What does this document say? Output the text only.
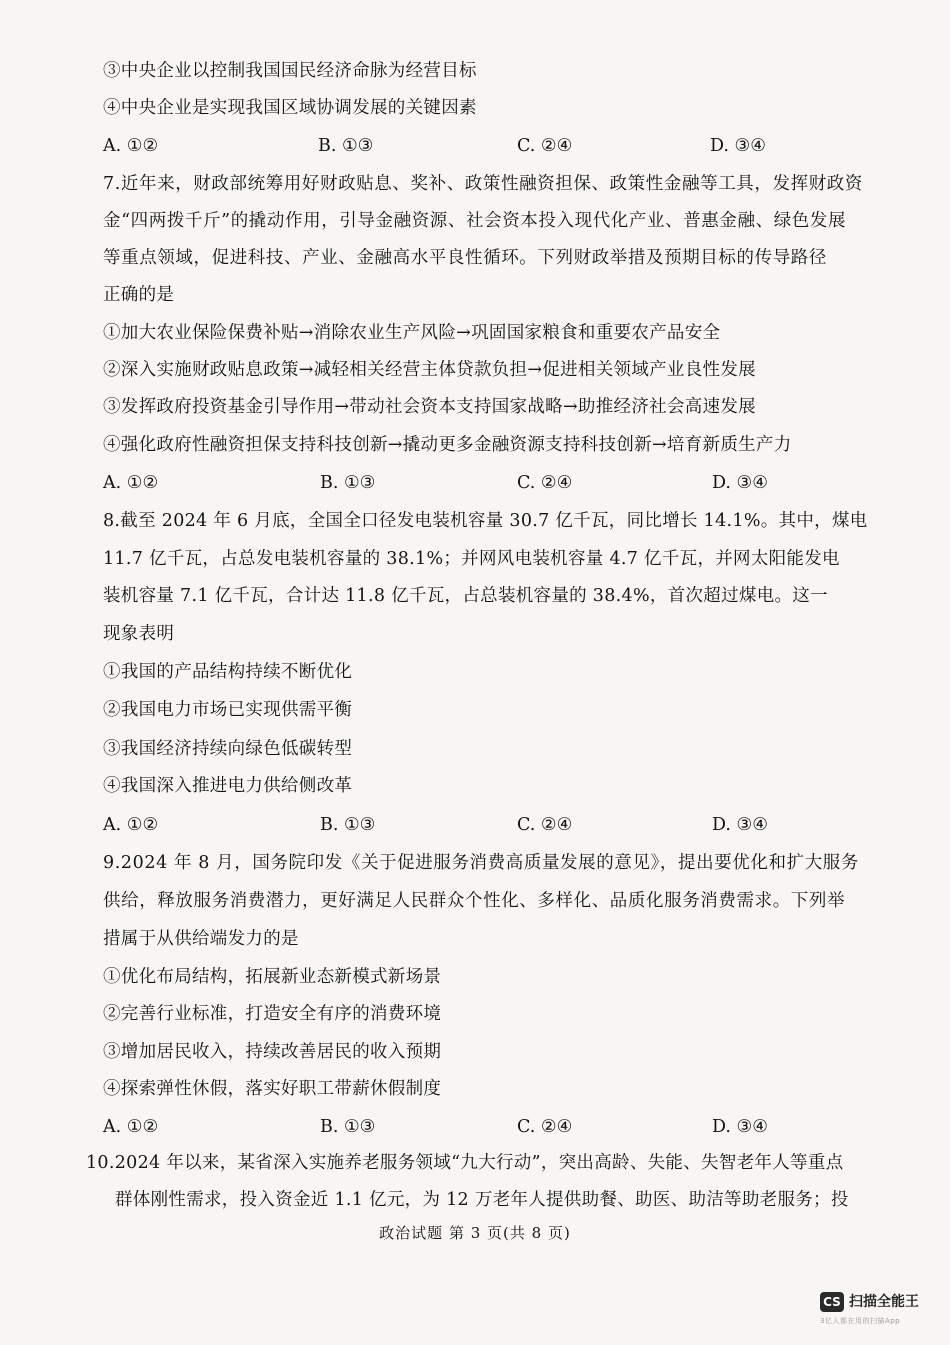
③中央企业以控制我国国民经济命脉为经营目标
④中央企业是实现我国区域协调发展的关键因素
A. ①②	B. ①③	C. ②④	D. ③④
7.近年来，财政部统筹用好财政贴息、奖补、政策性融资担保、政策性金融等工具，发挥财政资
金“四两拨千斤”的撬动作用，引导金融资源、社会资本投入现代化产业、普惠金融、绿色发展
等重点领域，促进科技、产业、金融高水平良性循环。下列财政举措及预期目标的传导路径
正确的是
①加大农业保险保费补贴→消除农业生产风险→巩固国家粮食和重要农产品安全
②深入实施财政贴息政策→减轻相关经营主体贷款负担→促进相关领域产业良性发展
③发挥政府投资基金引导作用→带动社会资本支持国家战略→助推经济社会高速发展
④强化政府性融资担保支持科技创新→撬动更多金融资源支持科技创新→培育新质生产力
A. ①②	B. ①③	C. ②④	D. ③④
8.截至 2024 年 6 月底，全国全口径发电装机容量 30.7 亿千瓦，同比增长 14.1%。其中，煤电
11.7 亿千瓦，占总发电装机容量的 38.1%；并网风电装机容量 4.7 亿千瓦，并网太阳能发电
装机容量 7.1 亿千瓦，合计达 11.8 亿千瓦，占总装机容量的 38.4%，首次超过煤电。这一
现象表明
①我国的产品结构持续不断优化
②我国电力市场已实现供需平衡
③我国经济持续向绿色低碳转型
④我国深入推进电力供给侧改革
A. ①②	B. ①③	C. ②④	D. ③④
9.2024 年 8 月，国务院印发《关于促进服务消费高质量发展的意见》，提出要优化和扩大服务
供给，释放服务消费潜力，更好满足人民群众个性化、多样化、品质化服务消费需求。下列举
措属于从供给端发力的是
①优化布局结构，拓展新业态新模式新场景
②完善行业标准，打造安全有序的消费环境
③增加居民收入，持续改善居民的收入预期
④探索弹性休假，落实好职工带薪休假制度
A. ①②	B. ①③	C. ②④	D. ③④
10.2024 年以来，某省深入实施养老服务领域“九大行动”，突出高龄、失能、失智老年人等重点
群体刚性需求，投入资金近 1.1 亿元，为 12 万老年人提供助餐、助医、助洁等助老服务；投
政治试题 第 3 页(共 8 页)
CS 扫描全能王
3亿人都在用的扫描App
